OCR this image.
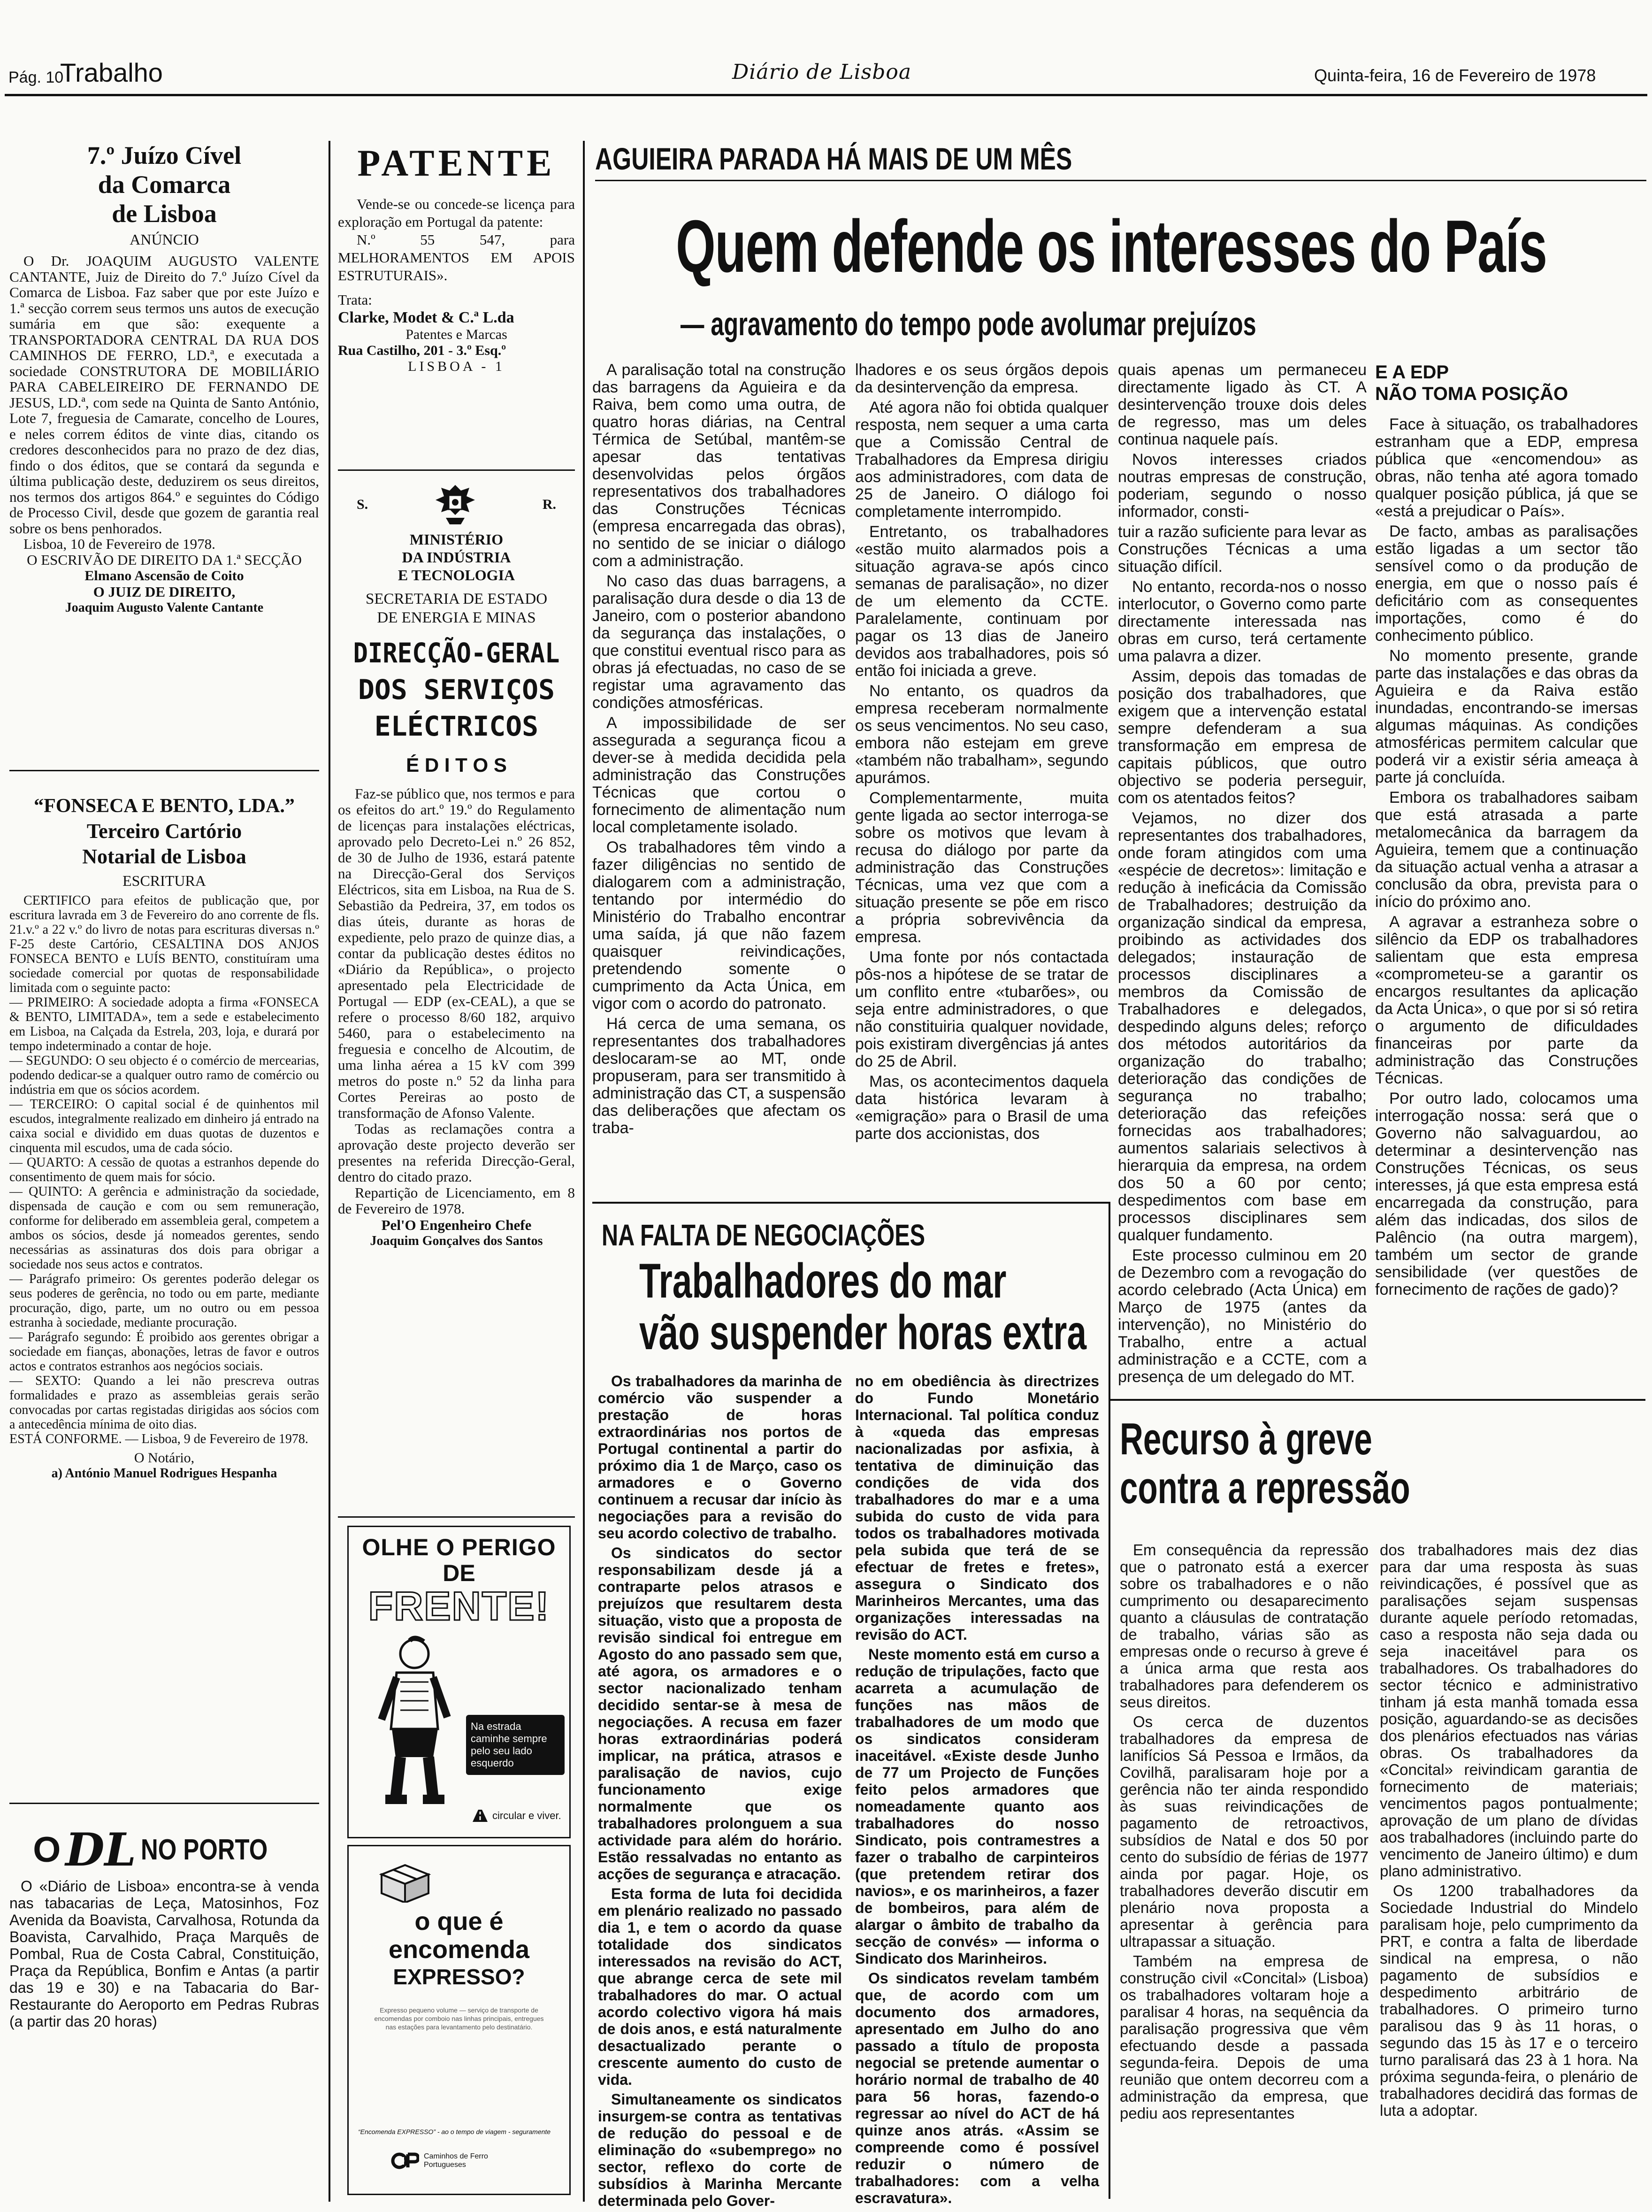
Pág. 10
Trabalho	Diário de Lisboa	Quinta-feira, 16 de Fevereiro de 1978
7.º Juízo Cível
da Comarca
de Lisboa
ANÚNCIO
O Dr. JOAQUIM AUGUSTO VALENTE CANTANTE, Juiz de Direito do 7.º Juízo Cível da Comarca de Lisboa. Faz saber que por este Juízo e 1.ª secção correm seus termos uns autos de execução sumária em que são: exequente a TRANSPORTADORA CENTRAL DA RUA DOS CAMINHOS DE FERRO, LD.ª, e executada a sociedade CONSTRUTORA DE MOBILIÁRIO PARA CABELEIREIRO DE FERNANDO DE JESUS, LD.ª, com sede na Quinta de Santo António, Lote 7, freguesia de Camarate, concelho de Loures, e neles correm éditos de vinte dias, citando os credores desconhecidos para no prazo de dez dias, findo o dos éditos, que se contará da segunda e última publicação deste, deduzirem os seus direitos, nos termos dos artigos 864.º e seguintes do Código de Processo Civil, desde que gozem de garantia real sobre os bens penhorados.
Lisboa, 10 de Fevereiro de 1978.
O ESCRIVÃO DE DIREITO DA 1.ª SECÇÃO
Elmano Ascensão de Coito
O JUIZ DE DIREITO,
Joaquim Augusto Valente Cantante
“FONSECA E BENTO, LDA.”
Terceiro Cartório
Notarial de Lisboa
ESCRITURA
CERTIFICO para efeitos de publicação que, por escritura lavrada em 3 de Fevereiro do ano corrente de fls. 21.v.º a 22 v.º do livro de notas para escrituras diversas n.º F-25 deste Cartório, CESALTINA DOS ANJOS FONSECA BENTO e LUÍS BENTO, constituíram uma sociedade comercial por quotas de responsabilidade limitada com o seguinte pacto:
— PRIMEIRO: A sociedade adopta a firma «FONSECA & BENTO, LIMITADA», tem a sede e estabelecimento em Lisboa, na Calçada da Estrela, 203, loja, e durará por tempo indeterminado a contar de hoje.
— SEGUNDO: O seu objecto é o comércio de mercearias, podendo dedicar-se a qualquer outro ramo de comércio ou indústria em que os sócios acordem.
— TERCEIRO: O capital social é de quinhentos mil escudos, integralmente realizado em dinheiro já entrado na caixa social e dividido em duas quotas de duzentos e cinquenta mil escudos, uma de cada sócio.
— QUARTO: A cessão de quotas a estranhos depende do consentimento de quem mais for sócio.
— QUINTO: A gerência e administração da sociedade, dispensada de caução e com ou sem remuneração, conforme for deliberado em assembleia geral, competem a ambos os sócios, desde já nomeados gerentes, sendo necessárias as assinaturas dos dois para obrigar a sociedade nos seus actos e contratos.
— Parágrafo primeiro: Os gerentes poderão delegar os seus poderes de gerência, no todo ou em parte, mediante procuração, digo, parte, um no outro ou em pessoa estranha à sociedade, mediante procuração.
— Parágrafo segundo: É proibido aos gerentes obrigar a sociedade em fianças, abonações, letras de favor e outros actos e contratos estranhos aos negócios sociais.
— SEXTO: Quando a lei não prescreva outras formalidades e prazo as assembleias gerais serão convocadas por cartas registadas dirigidas aos sócios com a antecedência mínima de oito dias.
ESTÁ CONFORME. — Lisboa, 9 de Fevereiro de 1978.
O Notário,
a) António Manuel Rodrigues Hespanha
O DL NO PORTO
O «Diário de Lisboa» encontra-se à venda nas tabacarias de Leça, Matosinhos, Foz Avenida da Boavista, Carvalhosa, Rotunda da Boavista, Carvalhido, Praça Marquês de Pombal, Rua de Costa Cabral, Constituição, Praça da República, Bonfim e Antas (a partir das 19 e 30) e na Tabacaria do Bar-Restaurante do Aeroporto em Pedras Rubras (a partir das 20 horas)
PATENTE
Vende-se ou concede-se licença para exploração em Portugal da patente:
N.º 55 547, para MELHORAMENTOS EM APOIS ESTRUTURAIS».
Trata:
Clarke, Modet & C.ª L.da
Patentes e Marcas
Rua Castilho, 201 - 3.º Esq.º
LISBOA - 1
S.	R.
MINISTÉRIO
DA INDÚSTRIA
E TECNOLOGIA
SECRETARIA DE ESTADO
DE ENERGIA E MINAS
DIRECÇÃO-GERAL
DOS SERVIÇOS
ELÉCTRICOS
É D I T O S
Faz-se público que, nos termos e para os efeitos do art.º 19.º do Regulamento de licenças para instalações eléctricas, aprovado pelo Decreto-Lei n.º 26 852, de 30 de Julho de 1936, estará patente na Direcção-Geral dos Serviços Eléctricos, sita em Lisboa, na Rua de S. Sebastião da Pedreira, 37, em todos os dias úteis, durante as horas de expediente, pelo prazo de quinze dias, a contar da publicação destes éditos no «Diário da República», o projecto apresentado pela Electricidade de Portugal — EDP (ex-CEAL), a que se refere o processo 8/60 182, arquivo 5460, para o estabelecimento na freguesia e concelho de Alcoutim, de uma linha aérea a 15 kV com 399 metros do poste n.º 52 da linha para Cortes Pereiras ao posto de transformação de Afonso Valente.
Todas as reclamações contra a aprovação deste projecto deverão ser presentes na referida Direcção-Geral, dentro do citado prazo.
Repartição de Licenciamento, em 8 de Fevereiro de 1978.
Pel'O Engenheiro Chefe
Joaquim Gonçalves dos Santos
OLHE O PERIGO
DE
FRENTE!
Na estrada caminhe sempre pelo seu lado esquerdo
circular e viver.
o que é
encomenda
EXPRESSO?
Expresso pequeno volume — serviço de transporte de encomendas por comboio nas linhas principais, entregues nas estações para levantamento pelo destinatário.
“Encomenda EXPRESSO” - ao o tempo de viagem - seguramente
Caminhos de Ferro Portugueses
AGUIEIRA PARADA HÁ MAIS DE UM MÊS
Quem defende os interesses do País
— agravamento do tempo pode avolumar prejuízos

A paralisação total na construção das barragens da Aguieira e da Raiva, bem como uma outra, de quatro horas diárias, na Central Térmica de Setúbal, mantêm-se apesar das tentativas desenvolvidas pelos órgãos representativos dos trabalhadores das Construções Técnicas (empresa encarregada das obras), no sentido de se iniciar o diálogo com a administração.

No caso das duas barragens, a paralisação dura desde o dia 13 de Janeiro, com o posterior abandono da segurança das instalações, o que constitui eventual risco para as obras já efectuadas, no caso de se registar uma agravamento das condições atmosféricas.

A impossibilidade de ser assegurada a segurança ficou a dever-se à medida decidida pela administração das Construções Técnicas que cortou o fornecimento de alimentação num local completamente isolado.

Os trabalhadores têm vindo a fazer diligências no sentido de dialogarem com a administração, tentando por intermédio do Ministério do Trabalho encontrar uma saída, já que não fazem quaisquer reivindicações, pretendendo somente o cumprimento da Acta Única, em vigor com o acordo do patronato.

Há cerca de uma semana, os representantes dos trabalhadores deslocaram-se ao MT, onde propuseram, para ser transmitido à administração das CT, a suspensão das deliberações que afectam os traba-

lhadores e os seus órgãos depois da desintervenção da empresa.

Até agora não foi obtida qualquer resposta, nem sequer a uma carta que a Comissão Central de Trabalhadores da Empresa dirigiu aos administradores, com data de 25 de Janeiro. O diálogo foi completamente interrompido.

Entretanto, os trabalhadores «estão muito alarmados pois a situação agrava-se após cinco semanas de paralisação», no dizer de um elemento da CCTE. Paralelamente, continuam por pagar os 13 dias de Janeiro devidos aos trabalhadores, pois só então foi iniciada a greve.

No entanto, os quadros da empresa receberam normalmente os seus vencimentos. No seu caso, embora não estejam em greve «também não trabalham», segundo apurámos.

Complementarmente, muita gente ligada ao sector interroga-se sobre os motivos que levam à recusa do diálogo por parte da administração das Construções Técnicas, uma vez que com a situação presente se põe em risco a própria sobrevivência da empresa.

Uma fonte por nós contactada pôs-nos a hipótese de se tratar de um conflito entre «tubarões», ou seja entre administradores, o que não constituiria qualquer novidade, pois existiram divergências já antes do 25 de Abril.

Mas, os acontecimentos daquela data histórica levaram à «emigração» para o Brasil de uma parte dos accionistas, dos

quais apenas um permaneceu directamente ligado às CT. A desintervenção trouxe dois deles de regresso, mas um deles continua naquele país.

Novos interesses criados noutras empresas de construção, poderiam, segundo o nosso informador, consti-

tuir a razão suficiente para levar as Construções Técnicas a uma situação difícil.

No entanto, recorda-nos o nosso interlocutor, o Governo como parte directamente interessada nas obras em curso, terá certamente uma palavra a dizer.

Assim, depois das tomadas de posição dos trabalhadores, que exigem que a intervenção estatal sempre defenderam a sua transformação em empresa de capitais públicos, que outro objectivo se poderia perseguir, com os atentados feitos?

Vejamos, no dizer dos representantes dos trabalhadores, onde foram atingidos com uma «espécie de decretos»: limitação e redução à ineficácia da Comissão de Trabalhadores; destruição da organização sindical da empresa, proibindo as actividades dos delegados; instauração de processos disciplinares a membros da Comissão de Trabalhadores e delegados, despedindo alguns deles; reforço dos métodos autoritários da organização do trabalho; deterioração das condições de segurança no trabalho; deterioração das refeições fornecidas aos trabalhadores; aumentos salariais selectivos à hierarquia da empresa, na ordem dos 50 a 60 por cento; despedimentos com base em processos disciplinares sem qualquer fundamento.

Este processo culminou em 20 de Dezembro com a revogação do acordo celebrado (Acta Única) em Março de 1975 (antes da intervenção), no Ministério do Trabalho, entre a actual administração e a CCTE, com a presença de um delegado do MT.

E A EDP
NÃO TOMA POSIÇÃO

Face à situação, os trabalhadores estranham que a EDP, empresa pública que «encomendou» as obras, não tenha até agora tomado qualquer posição pública, já que se «está a prejudicar o País».

De facto, ambas as paralisações estão ligadas a um sector tão sensível como o da produção de energia, em que o nosso país é deficitário com as consequentes importações, como é do conhecimento público.

No momento presente, grande parte das instalações e das obras da Aguieira e da Raiva estão inundadas, encontrando-se imersas algumas máquinas. As condições atmosféricas permitem calcular que poderá vir a existir séria ameaça à parte já concluída.

Embora os trabalhadores saibam que está atrasada a parte metalomecânica da barragem da Aguieira, temem que a continuação da situação actual venha a atrasar a conclusão da obra, prevista para o início do próximo ano.

A agravar a estranheza sobre o silêncio da EDP os trabalhadores salientam que esta empresa «comprometeu-se a garantir os encargos resultantes da aplicação da Acta Única», o que por si só retira o argumento de dificuldades financeiras por parte da administração das Construções Técnicas.

Por outro lado, colocamos uma interrogação nossa: será que o Governo não salvaguardou, ao determinar a desintervenção nas Construções Técnicas, os seus interesses, já que esta empresa está encarregada da construção, para além das indicadas, dos silos de Palêncio (na outra margem), também um sector de grande sensibilidade (ver questões de fornecimento de rações de gado)?

NA FALTA DE NEGOCIAÇÕES
Trabalhadores do mar
vão suspender horas extra

Os trabalhadores da marinha de comércio vão suspender a prestação de horas extraordinárias nos portos de Portugal continental a partir do próximo dia 1 de Março, caso os armadores e o Governo continuem a recusar dar início às negociações para a revisão do seu acordo colectivo de trabalho.

Os sindicatos do sector responsabilizam desde já a contraparte pelos atrasos e prejuízos que resultarem desta situação, visto que a proposta de revisão sindical foi entregue em Agosto do ano passado sem que, até agora, os armadores e o sector nacionalizado tenham decidido sentar-se à mesa de negociações. A recusa em fazer horas extraordinárias poderá implicar, na prática, atrasos e paralisação de navios, cujo funcionamento exige normalmente que os trabalhadores prolonguem a sua actividade para além do horário. Estão ressalvadas no entanto as acções de segurança e atracação.

Esta forma de luta foi decidida em plenário realizado no passado dia 1, e tem o acordo da quase totalidade dos sindicatos interessados na revisão do ACT, que abrange cerca de sete mil trabalhadores do mar. O actual acordo colectivo vigora há mais de dois anos, e está naturalmente desactualizado perante o crescente aumento do custo de vida.

Simultaneamente os sindicatos insurgem-se contra as tentativas de redução do pessoal e de eliminação do «subemprego» no sector, reflexo do corte de subsídios à Marinha Mercante determinada pelo Gover-

no em obediência às directrizes do Fundo Monetário Internacional. Tal política conduz à «queda das empresas nacionalizadas por asfixia, à tentativa de diminuição das condições de vida dos trabalhadores do mar e a uma subida do custo de vida para todos os trabalhadores motivada pela subida que terá de se efectuar de fretes e fretes», assegura o Sindicato dos Marinheiros Mercantes, uma das organizações interessadas na revisão do ACT.

Neste momento está em curso a redução de tripulações, facto que acarreta a acumulação de funções nas mãos de trabalhadores de um modo que os sindicatos consideram inaceitável. «Existe desde Junho de 77 um Projecto de Funções feito pelos armadores que nomeadamente quanto aos trabalhadores do nosso Sindicato, pois contramestres a fazer o trabalho de carpinteiros (que pretendem retirar dos navios», e os marinheiros, a fazer de bombeiros, para além de alargar o âmbito de trabalho da secção de convés» — informa o Sindicato dos Marinheiros.

Os sindicatos revelam também que, de acordo com um documento dos armadores, apresentado em Julho do ano passado a título de proposta negocial se pretende aumentar o horário normal de trabalho de 40 para 56 horas, fazendo-o regressar ao nível do ACT de há quinze anos atrás. «Assim se compreende como é possível reduzir o número de trabalhadores: com a velha escravatura».

Recurso à greve
contra a repressão

Em consequência da repressão que o patronato está a exercer sobre os trabalhadores e o não cumprimento ou desaparecimento quanto a cláusulas de contratação de trabalho, várias são as empresas onde o recurso à greve é a única arma que resta aos trabalhadores para defenderem os seus direitos.

Os cerca de duzentos trabalhadores da empresa de lanifícios Sá Pessoa e Irmãos, da Covilhã, paralisaram hoje por a gerência não ter ainda respondido às suas reivindicações de pagamento de retroactivos, subsídios de Natal e dos 50 por cento do subsídio de férias de 1977 ainda por pagar. Hoje, os trabalhadores deverão discutir em plenário nova proposta a apresentar à gerência para ultrapassar a situação.

Também na empresa de construção civil «Concital» (Lisboa) os trabalhadores voltaram hoje a paralisar 4 horas, na sequência da paralisação progressiva que vêm efectuando desde a passada segunda-feira. Depois de uma reunião que ontem decorreu com a administração da empresa, que pediu aos representantes

dos trabalhadores mais dez dias para dar uma resposta às suas reivindicações, é possível que as paralisações sejam suspensas durante aquele período retomadas, caso a resposta não seja dada ou seja inaceitável para os trabalhadores. Os trabalhadores do sector técnico e administrativo tinham já esta manhã tomada essa posição, aguardando-se as decisões dos plenários efectuados nas várias obras. Os trabalhadores da «Concital» reivindicam garantia de fornecimento de materiais; vencimentos pagos pontualmente; aprovação de um plano de dívidas aos trabalhadores (incluindo parte do vencimento de Janeiro último) e dum plano administrativo.

Os 1200 trabalhadores da Sociedade Industrial do Mindelo paralisam hoje, pelo cumprimento da PRT, e contra a falta de liberdade sindical na empresa, o não pagamento de subsídios e despedimento arbitrário de trabalhadores. O primeiro turno paralisou das 9 às 11 horas, o segundo das 15 às 17 e o terceiro turno paralisará das 23 à 1 hora. Na próxima segunda-feira, o plenário de trabalhadores decidirá das formas de luta a adoptar.
